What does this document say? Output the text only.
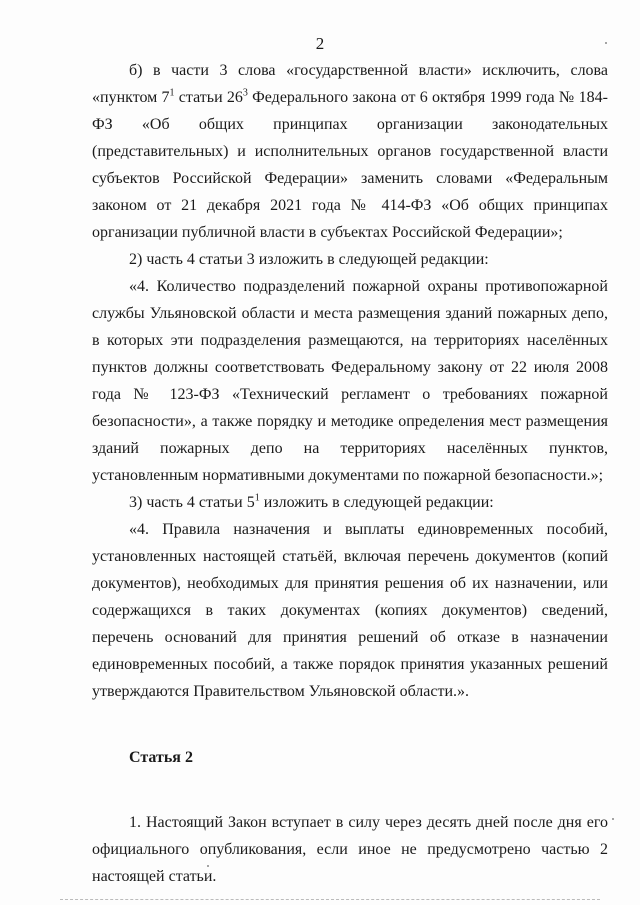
2

б) в части 3 слова «государственной власти» исключить, слова «пунктом $7^1$ статьи $26^3$ Федерального закона от 6 октября 1999 года № 184-ФЗ «Об общих принципах организации законодательных (представительных) и исполнительных органов государственной власти субъектов Российской Федерации» заменить словами «Федеральным законом от 21 декабря 2021 года № 414-ФЗ «Об общих принципах организации публичной власти в субъектах Российской Федерации»;

2) часть 4 статьи 3 изложить в следующей редакции:

«4. Количество подразделений пожарной охраны противопожарной службы Ульяновской области и места размещения зданий пожарных депо, в которых эти подразделения размещаются, на территориях населённых пунктов должны соответствовать Федеральному закону от 22 июля 2008 года № 123-ФЗ «Технический регламент о требованиях пожарной безопасности», а также порядку и методике определения мест размещения зданий пожарных депо на территориях населённых пунктов, установленным нормативными документами по пожарной безопасности.»;

3) часть 4 статьи $5^1$ изложить в следующей редакции:

«4. Правила назначения и выплаты единовременных пособий, установленных настоящей статьёй, включая перечень документов (копий документов), необходимых для принятия решения об их назначении, или содержащихся в таких документах (копиях документов) сведений, перечень оснований для принятия решений об отказе в назначении единовременных пособий, а также порядок принятия указанных решений утверждаются Правительством Ульяновской области.».

Статья 2

1. Настоящий Закон вступает в силу через десять дней после дня его официального опубликования, если иное не предусмотрено частью 2 настоящей статьи.
